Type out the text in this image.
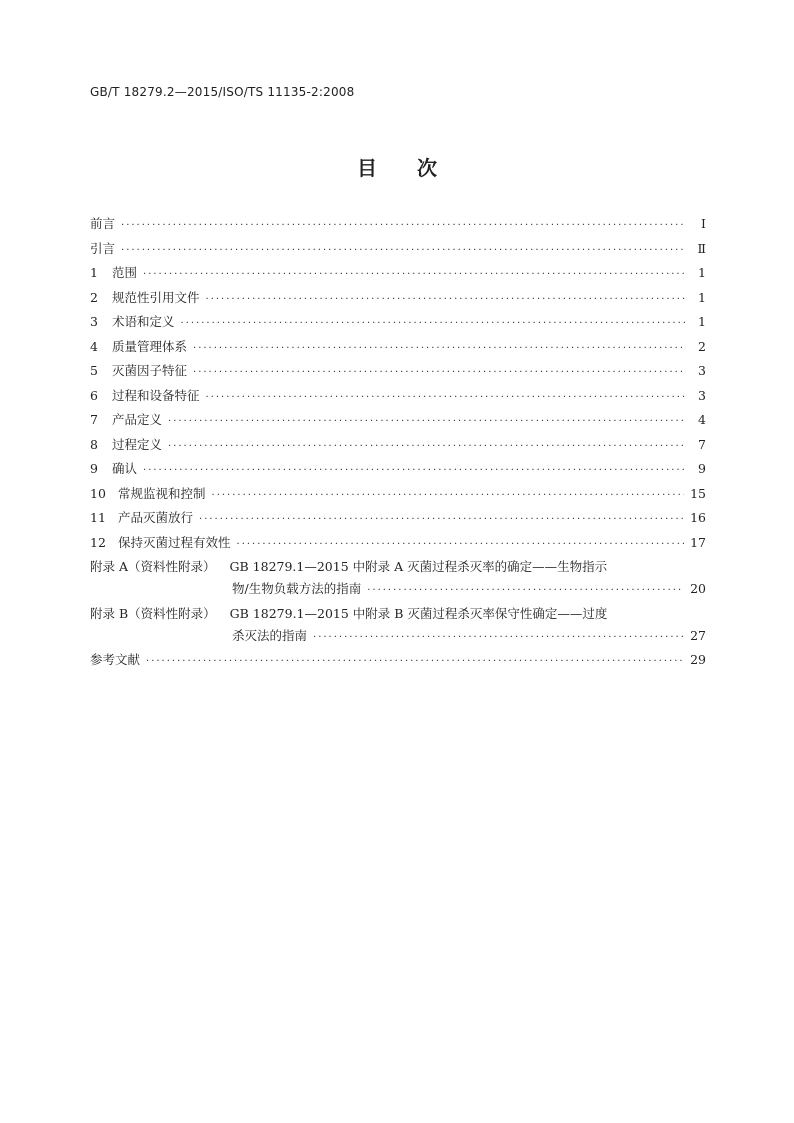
GB/T 18279.2—2015/ISO/TS 11135-2:2008
目　　次
前言 ·····	Ⅰ
引言 ·····	Ⅱ
1	范围 ·····	1
2	规范性引用文件 ·····	1
3	术语和定义 ·····	1
4	质量管理体系 ·····	2
5	灭菌因子特征 ·····	3
6	过程和设备特征 ·····	3
7	产品定义 ·····	4
8	过程定义 ·····	7
9	确认 ·····	9
10 常规监视和控制 ·····	15
11 产品灭菌放行 ·····	16
12 保持灭菌过程有效性 ·····	17
附录 A（资料性附录） GB 18279.1—2015 中附录 A 灭菌过程杀灭率的确定——生物指示
物/生物负载方法的指南 ·····	20
附录 B（资料性附录） GB 18279.1—2015 中附录 B 灭菌过程杀灭率保守性确定——过度
杀灭法的指南 ·····	27
参考文献 ·····	29
